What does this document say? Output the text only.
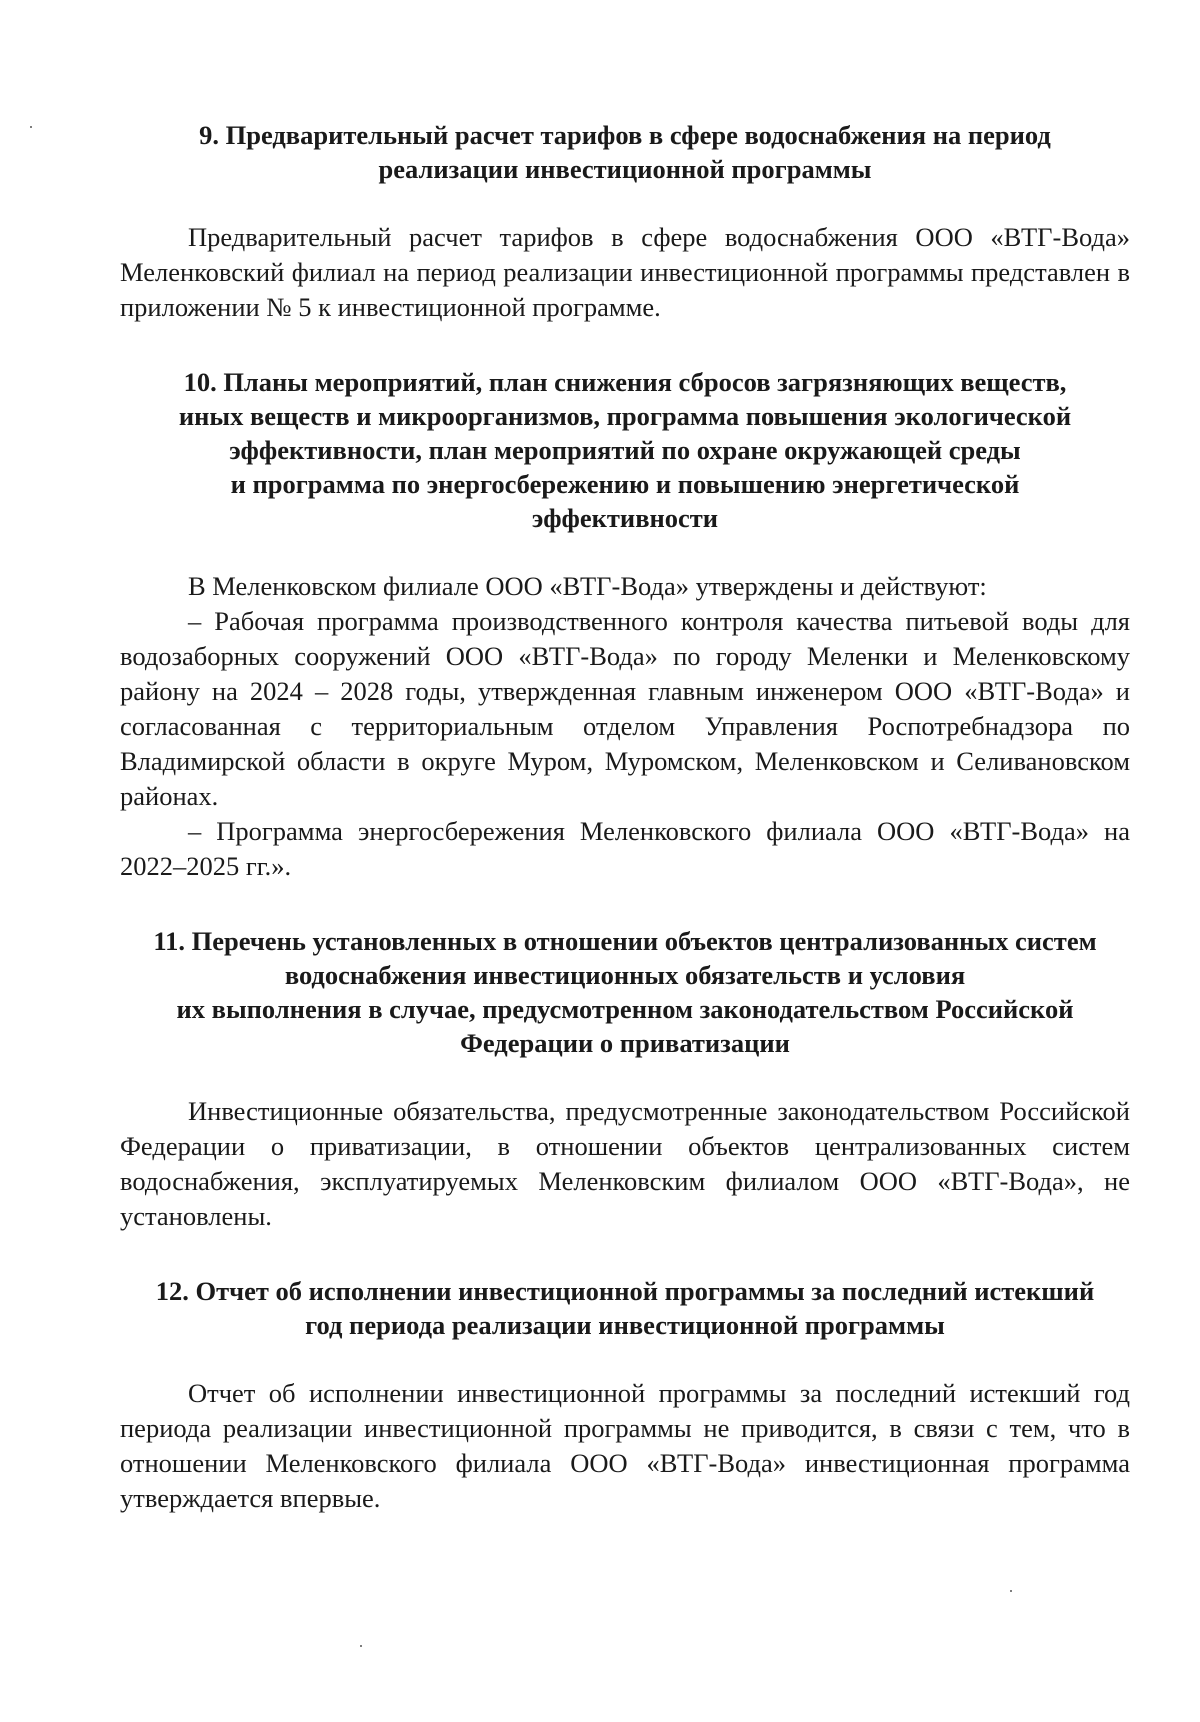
9. Предварительный расчет тарифов в сфере водоснабжения на период
реализации инвестиционной программы

Предварительный расчет тарифов в сфере водоснабжения ООО «ВТГ-Вода» Меленковский филиал на период реализации инвестиционной программы представлен в приложении № 5 к инвестиционной программе.

10. Планы мероприятий, план снижения сбросов загрязняющих веществ,
иных веществ и микроорганизмов, программа повышения экологической
эффективности, план мероприятий по охране окружающей среды
и программа по энергосбережению и повышению энергетической
эффективности

В Меленковском филиале ООО «ВТГ-Вода» утверждены и действуют:

– Рабочая программа производственного контроля качества питьевой воды для водозаборных сооружений ООО «ВТГ-Вода» по городу Меленки и Меленковскому району на 2024 – 2028 годы, утвержденная главным инженером ООО «ВТГ-Вода» и согласованная с территориальным отделом Управления Роспотребнадзора по Владимирской области в округе Муром, Муромском, Меленковском и Селивановском районах.

– Программа энергосбережения Меленковского филиала ООО «ВТГ-Вода» на 2022–2025 гг.».

11. Перечень установленных в отношении объектов централизованных систем
водоснабжения инвестиционных обязательств и условия
их выполнения в случае, предусмотренном законодательством Российской
Федерации о приватизации

Инвестиционные обязательства, предусмотренные законодательством Российской Федерации о приватизации, в отношении объектов централизованных систем водоснабжения, эксплуатируемых Меленковским филиалом ООО «ВТГ-Вода», не установлены.

12. Отчет об исполнении инвестиционной программы за последний истекший
год периода реализации инвестиционной программы

Отчет об исполнении инвестиционной программы за последний истекший год периода реализации инвестиционной программы не приводится, в связи с тем, что в отношении Меленковского филиала ООО «ВТГ-Вода» инвестиционная программа утверждается впервые.
